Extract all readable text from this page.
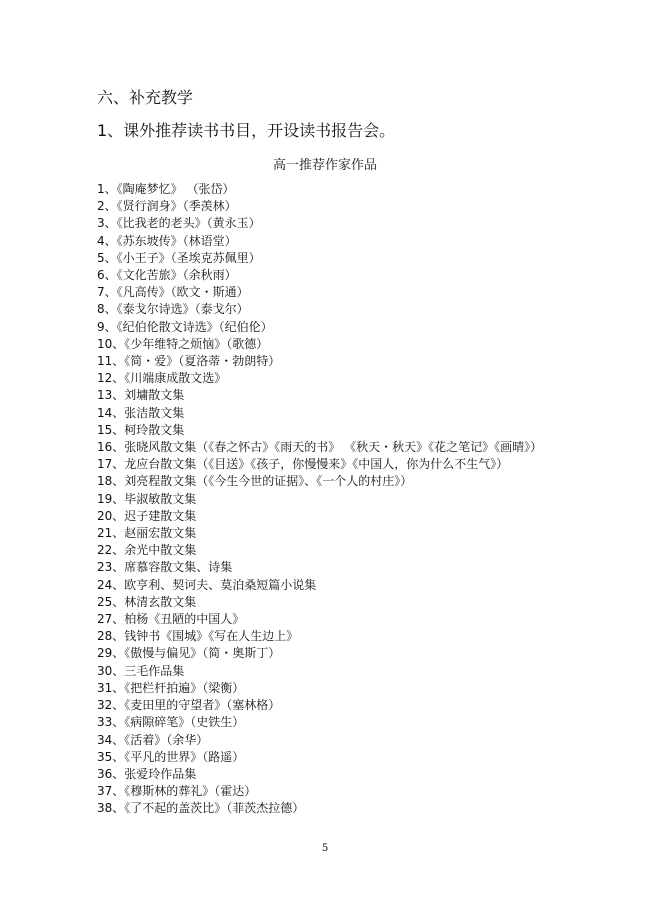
六、补充教学
1、课外推荐读书书目，开设读书报告会。
高一推荐作家作品
1、《陶庵梦忆》 （张岱）
2、《贤行润身》（季羡林）
3、《比我老的老头》（黄永玉）
4、《苏东坡传》（林语堂）
5、《小王子》（圣埃克苏佩里）
6、《文化苦旅》（余秋雨）
7、《凡高传》（欧文・斯通）
8、《泰戈尔诗选》（泰戈尔）
9、《纪伯伦散文诗选》（纪伯伦）
10、《少年维特之烦恼》（歌德）
11、《简・爱》（夏洛蒂・勃朗特）
12、《川端康成散文选》
13、刘墉散文集
14、张洁散文集
15、柯玲散文集
16、张晓风散文集（《春之怀古》《雨天的书》 《秋天・秋天》《花之笔记》《画晴》）
17、龙应台散文集（《目送》《孩子，你慢慢来》《中国人，你为什么不生气》）
18、刘亮程散文集（《今生今世的证据》、《一个人的村庄》）
19、毕淑敏散文集
20、迟子建散文集
21、赵丽宏散文集
22、余光中散文集
23、席慕容散文集、诗集
24、欧亨利、契诃夫、莫泊桑短篇小说集
25、林清玄散文集
27、柏杨《丑陋的中国人》
28、钱钟书《围城》《写在人生边上》
29、《傲慢与偏见》（简・奥斯丁）
30、三毛作品集
31、《把栏杆拍遍》（梁衡）
32、《麦田里的守望者》（塞林格）
33、《病隙碎笔》（史铁生）
34、《活着》（余华）
35、《平凡的世界》（路遥）
36、张爱玲作品集
37、《穆斯林的葬礼》（霍达）
38、《了不起的盖茨比》（菲茨杰拉德）
5
